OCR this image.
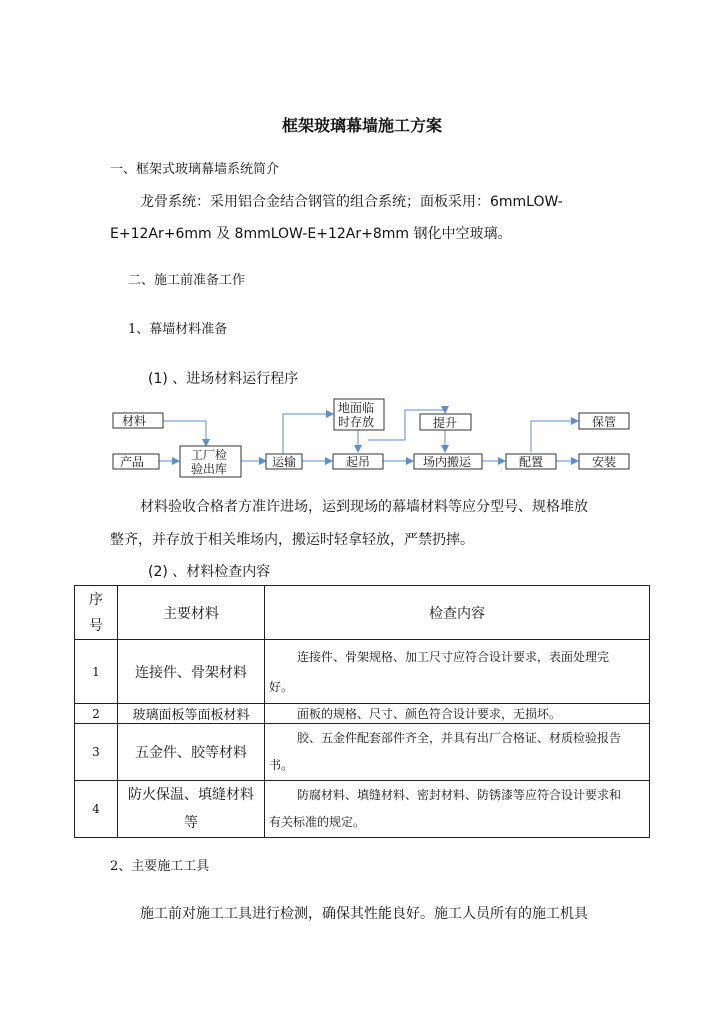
框架玻璃幕墙施工方案
一、框架式玻璃幕墙系统简介
龙骨系统：采用铝合金结合钢管的组合系统；面板采用：6mmLOW-
E+12Ar+6mm 及 8mmLOW-E+12Ar+8mm 钢化中空玻璃。
二、施工前准备工作
1、幕墙材料准备
(1) 、进场材料运行程序
材料
产品	工厂检
验出库	运输
地面临
时存放	提升
起吊	场内搬运	配置
保管
安装
材料验收合格者方准许进场，运到现场的幕墙材料等应分型号、规格堆放
整齐，并存放于相关堆场内，搬运时轻拿轻放，严禁扔摔。
(2) 、材料检查内容
序
号	主要材料	检查内容
1	连接件、骨架材料	连接件、骨架规格、加工尺寸应符合设计要求，表面处理完
好。

2	玻璃面板等面板材料	面板的规格、尺寸、颜色符合设计要求，无损坏。

3	五金件、胶等材料	胶、五金件配套部件齐全，并具有出厂合格证、材质检验报告
书。

4	防火保温、填缝材料
等	防腐材料、填缝材料、密封材料、防锈漆等应符合设计要求和
有关标准的规定。
2、主要施工工具
施工前对施工工具进行检测，确保其性能良好。施工人员所有的施工机具
